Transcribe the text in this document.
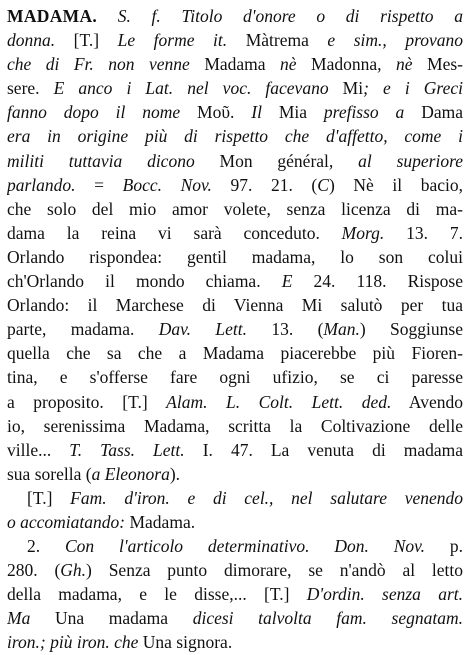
MADAMA. S. f. Titolo d'onore o di rispetto a
donna. [T.] Le forme it. Màtrema e sim., provano
che di Fr. non venne Madama nè Madonna, nè Mes-
sere. E anco i Lat. nel voc. facevano Mi; e i Greci
fanno dopo il nome Μοῦ. Il Mia prefisso a Dama
era in origine più di rispetto che d'affetto, come i
militi tuttavia dicono Mon général, al superiore
parlando. = Bocc. Nov. 97. 21. (C) Nè il bacio,
che solo del mio amor volete, senza licenza di ma-
dama la reina vi sarà conceduto. Morg. 13. 7.
Orlando rispondea: gentil madama, lo son colui
ch'Orlando il mondo chiama. E 24. 118. Rispose
Orlando: il Marchese di Vienna Mi salutò per tua
parte, madama. Dav. Lett. 13. (Man.) Soggiunse
quella che sa che a Madama piacerebbe più Fioren-
tina, e s'offerse fare ogni ufizio, se ci paresse
a proposito. [T.] Alam. L. Colt. Lett. ded. Avendo
io, serenissima Madama, scritta la Coltivazione delle
ville... T. Tass. Lett. I. 47. La venuta di madama
sua sorella (a Eleonora).
[T.] Fam. d'iron. e di cel., nel salutare venendo
o accomiatando: Madama.
2. Con l'articolo determinativo. Don. Nov. p.
280. (Gh.) Senza punto dimorare, se n'andò al letto
della madama, e le disse,... [T.] D'ordin. senza art.
Ma Una madama dicesi talvolta fam. segnatam.
iron.; più iron. che Una signora.
